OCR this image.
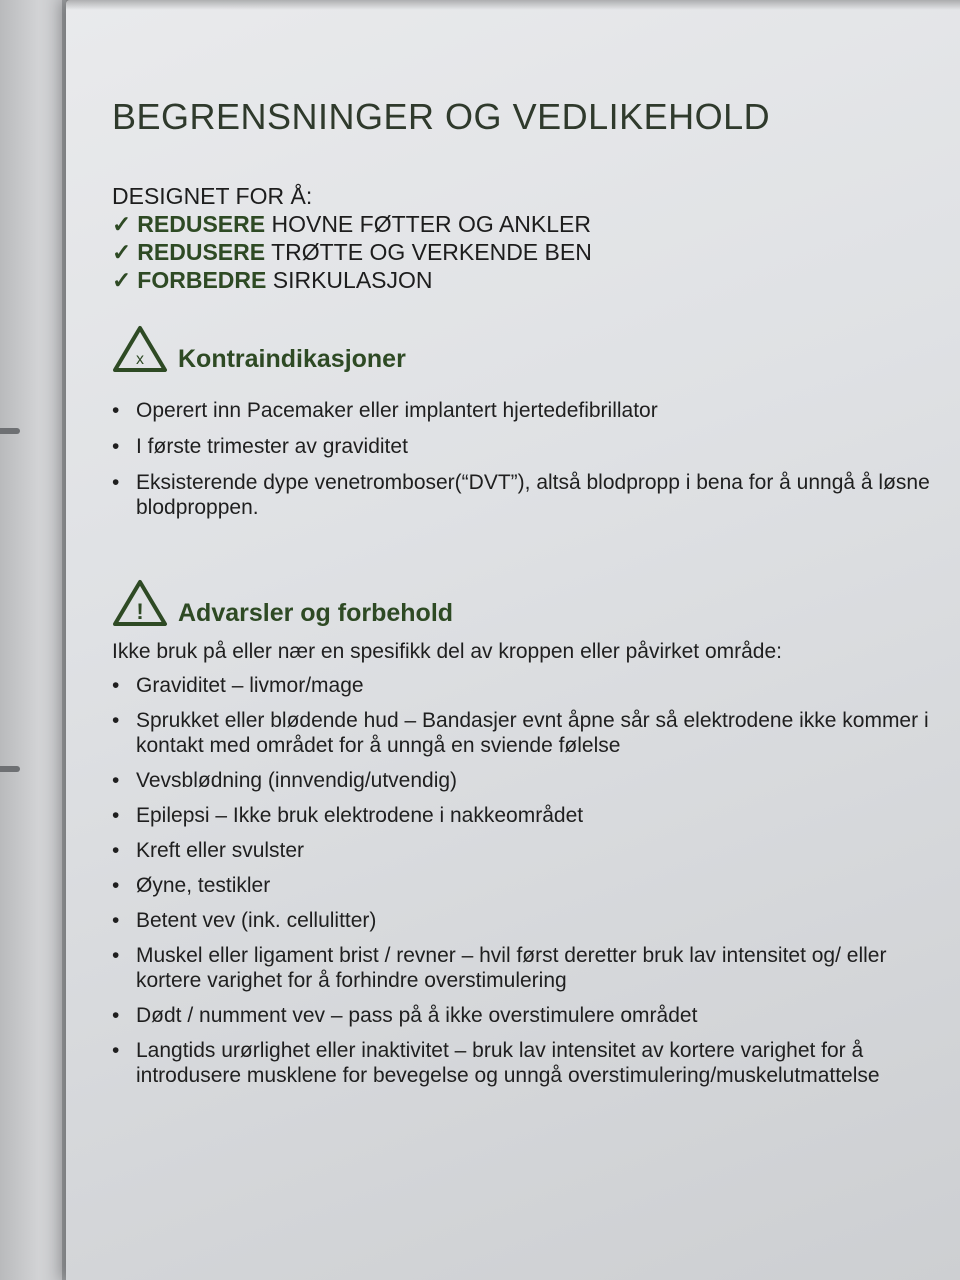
BEGRENSNINGER OG VEDLIKEHOLD
DESIGNET FOR Å:
✓ REDUSERE HOVNE FØTTER OG ANKLER
✓ REDUSERE TRØTTE OG VERKENDE BEN
✓ FORBEDRE SIRKULASJON
x Kontraindikasjoner
• Operert inn Pacemaker eller implantert hjertedefibrillator
• I første trimester av graviditet
• Eksisterende dype venetromboser(“DVT”), altså blodpropp i bena for å unngå å løsne blodproppen.
! Advarsler og forbehold
Ikke bruk på eller nær en spesifikk del av kroppen eller påvirket område:
• Graviditet – livmor/mage
• Sprukket eller blødende hud – Bandasjer evnt åpne sår så elektrodene ikke kommer i kontakt med området for å unngå en sviende følelse
• Vevsblødning (innvendig/utvendig)
• Epilepsi – Ikke bruk elektrodene i nakkeområdet
• Kreft eller svulster
• Øyne, testikler
• Betent vev (ink. cellulitter)
• Muskel eller ligament brist / revner – hvil først deretter bruk lav intensitet og/ eller kortere varighet for å forhindre overstimulering
• Dødt / numment vev – pass på å ikke overstimulere området
• Langtids urørlighet eller inaktivitet – bruk lav intensitet av kortere varighet for å introdusere musklene for bevegelse og unngå overstimulering/muskelutmattelse
